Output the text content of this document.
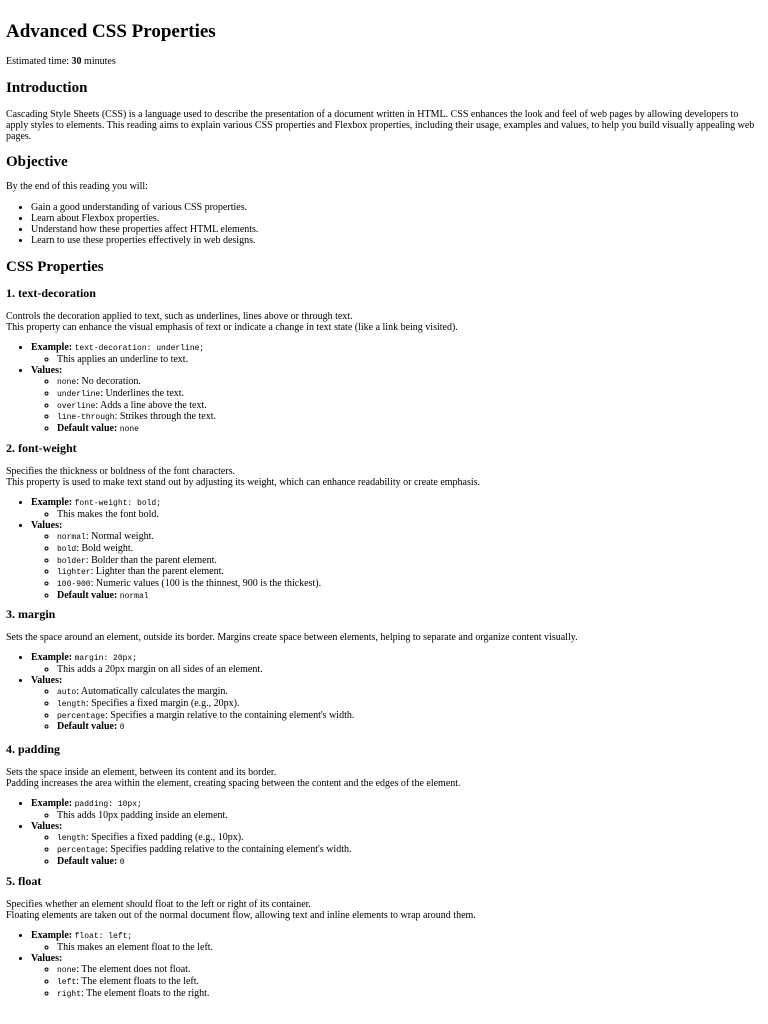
Advanced CSS Properties

Estimated time: 30 minutes

Introduction

Cascading Style Sheets (CSS) is a language used to describe the presentation of a document written in HTML. CSS enhances the look and feel of web pages by allowing developers to apply styles to elements. This reading aims to explain various CSS properties and Flexbox properties, including their usage, examples and values, to help you build visually appealing web pages.

Objective

By the end of this reading you will:

• Gain a good understanding of various CSS properties.
• Learn about Flexbox properties.
• Understand how these properties affect HTML elements.
• Learn to use these properties effectively in web designs.
CSS Properties
1. text-decoration

Controls the decoration applied to text, such as underlines, lines above or through text.

This property can enhance the visual emphasis of text or indicate a change in text state (like a link being visited).

• Example: text-decoration: underline;
◦ This applies an underline to text.
• Values:
◦ none: No decoration.
◦ underline: Underlines the text.
◦ overline: Adds a line above the text.
◦ line-through: Strikes through the text.
◦ Default value: none
2. font-weight

Specifies the thickness or boldness of the font characters.

This property is used to make text stand out by adjusting its weight, which can enhance readability or create emphasis.

• Example: font-weight: bold;
◦ This makes the font bold.
• Values:
◦ normal: Normal weight.
◦ bold: Bold weight.
◦ bolder: Bolder than the parent element.
◦ lighter: Lighter than the parent element.
◦ 100-900: Numeric values (100 is the thinnest, 900 is the thickest).
◦ Default value: normal
3. margin

Sets the space around an element, outside its border. Margins create space between elements, helping to separate and organize content visually.

• Example: margin: 20px;
◦ This adds a 20px margin on all sides of an element.
• Values:
◦ auto: Automatically calculates the margin.
◦ length: Specifies a fixed margin (e.g., 20px).
◦ percentage: Specifies a margin relative to the containing element's width.
◦ Default value: 0
4. padding

Sets the space inside an element, between its content and its border.

Padding increases the area within the element, creating spacing between the content and the edges of the element.

• Example: padding: 10px;
◦ This adds 10px padding inside an element.
• Values:
◦ length: Specifies a fixed padding (e.g., 10px).
◦ percentage: Specifies padding relative to the containing element's width.
◦ Default value: 0
5. float

Specifies whether an element should float to the left or right of its container.

Floating elements are taken out of the normal document flow, allowing text and inline elements to wrap around them.

• Example: float: left;
◦ This makes an element float to the left.
• Values:
◦ none: The element does not float.
◦ left: The element floats to the left.
◦ right: The element floats to the right.
